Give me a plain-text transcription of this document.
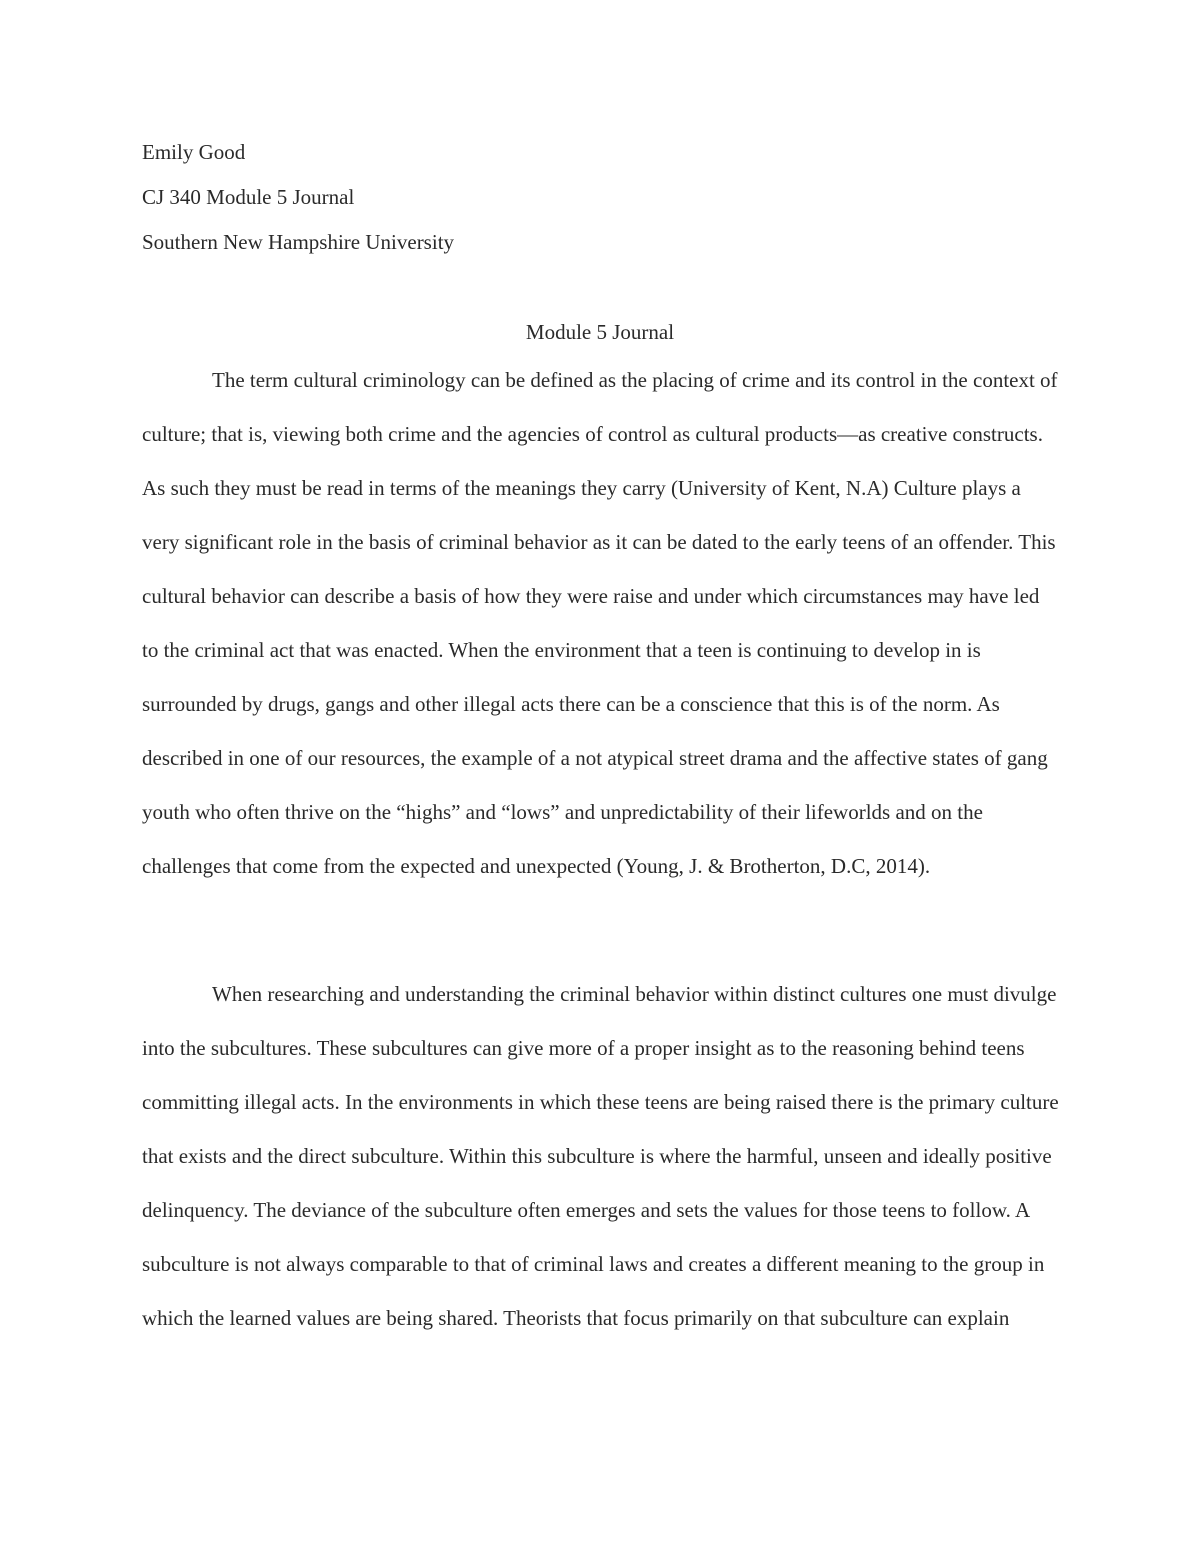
Emily Good
CJ 340 Module 5 Journal
Southern New Hampshire University
Module 5 Journal

The term cultural criminology can be defined as the placing of crime and its control in the context of culture; that is, viewing both crime and the agencies of control as cultural products—as creative constructs. As such they must be read in terms of the meanings they carry (University of Kent, N.A) Culture plays a very significant role in the basis of criminal behavior as it can be dated to the early teens of an offender. This cultural behavior can describe a basis of how they were raise and under which circumstances may have led to the criminal act that was enacted. When the environment that a teen is continuing to develop in is surrounded by drugs, gangs and other illegal acts there can be a conscience that this is of the norm. As described in one of our resources, the example of a not atypical street drama and the affective states of gang youth who often thrive on the “highs” and “lows” and unpredictability of their lifeworlds and on the challenges that come from the expected and unexpected (Young, J. & Brotherton, D.C, 2014).

When researching and understanding the criminal behavior within distinct cultures one must divulge into the subcultures. These subcultures can give more of a proper insight as to the reasoning behind teens committing illegal acts. In the environments in which these teens are being raised there is the primary culture that exists and the direct subculture. Within this subculture is where the harmful, unseen and ideally positive delinquency. The deviance of the subculture often emerges and sets the values for those teens to follow. A subculture is not always comparable to that of criminal laws and creates a different meaning to the group in which the learned values are being shared. Theorists that focus primarily on that subculture can explain
